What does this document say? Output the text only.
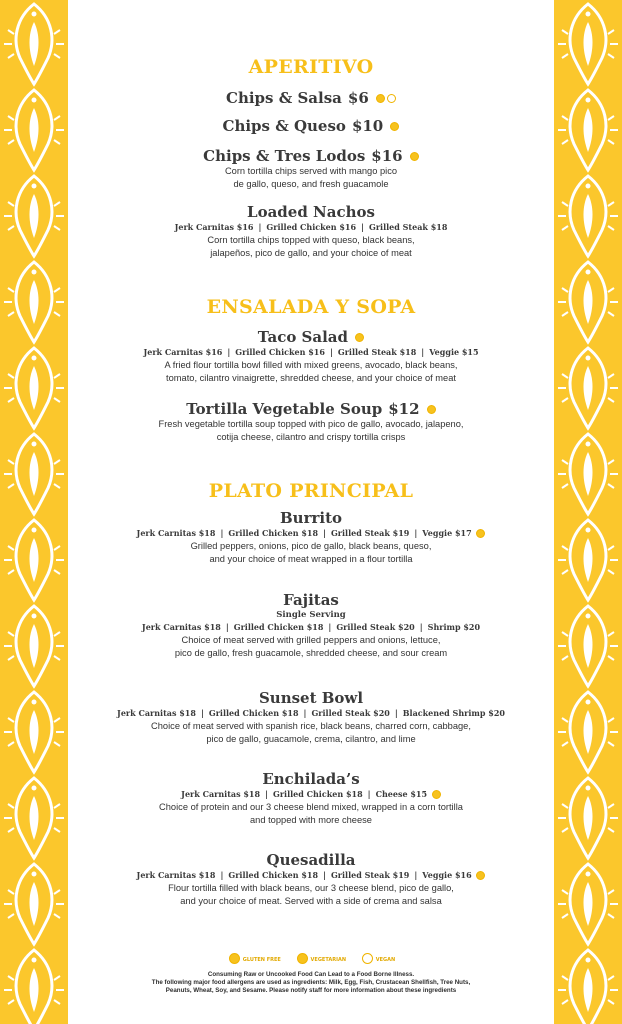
APERITIVO
Chips & Salsa $6
Chips & Queso $10
Chips & Tres Lodos $16
Corn tortilla chips served with mango pico
de gallo, queso, and fresh guacamole
Loaded Nachos
Jerk Carnitas $16 | Grilled Chicken $16 | Grilled Steak $18
Corn tortilla chips topped with queso, black beans,
jalapeños, pico de gallo, and your choice of meat
ENSALADA Y SOPA
Taco Salad
Jerk Carnitas $16 | Grilled Chicken $16 | Grilled Steak $18 | Veggie $15
A fried flour tortilla bowl filled with mixed greens, avocado, black beans,
tomato, cilantro vinaigrette, shredded cheese, and your choice of meat
Tortilla Vegetable Soup $12
Fresh vegetable tortilla soup topped with pico de gallo, avocado, jalapeno,
cotija cheese, cilantro and crispy tortilla crisps
PLATO PRINCIPAL
Burrito
Jerk Carnitas $18 | Grilled Chicken $18 | Grilled Steak $19 | Veggie $17
Grilled peppers, onions, pico de gallo, black beans, queso,
and your choice of meat wrapped in a flour tortilla
Fajitas
Single Serving
Jerk Carnitas $18 | Grilled Chicken $18 | Grilled Steak $20 | Shrimp $20
Choice of meat served with grilled peppers and onions, lettuce,
pico de gallo, fresh guacamole, shredded cheese, and sour cream
Sunset Bowl
Jerk Carnitas $18 | Grilled Chicken $18 | Grilled Steak $20 | Blackened Shrimp $20
Choice of meat served with spanish rice, black beans, charred corn, cabbage,
pico de gallo, guacamole, crema, cilantro, and lime
Enchilada’s
Jerk Carnitas $18 | Grilled Chicken $18 | Cheese $15
Choice of protein and our 3 cheese blend mixed, wrapped in a corn tortilla
and topped with more cheese
Quesadilla
Jerk Carnitas $18 | Grilled Chicken $18 | Grilled Steak $19 | Veggie $16
Flour tortilla filled with black beans, our 3 cheese blend, pico de gallo,
and your choice of meat. Served with a side of crema and salsa
GLUTEN FREE
	VEGETARIAN
	VEGAN
Consuming Raw or Uncooked Food Can Lead to a Food Borne Illness.
The following major food allergens are used as ingredients: Milk, Egg, Fish, Crustacean Shellfish, Tree Nuts,
Peanuts, Wheat, Soy, and Sesame. Please notify staff for more information about these ingredients
